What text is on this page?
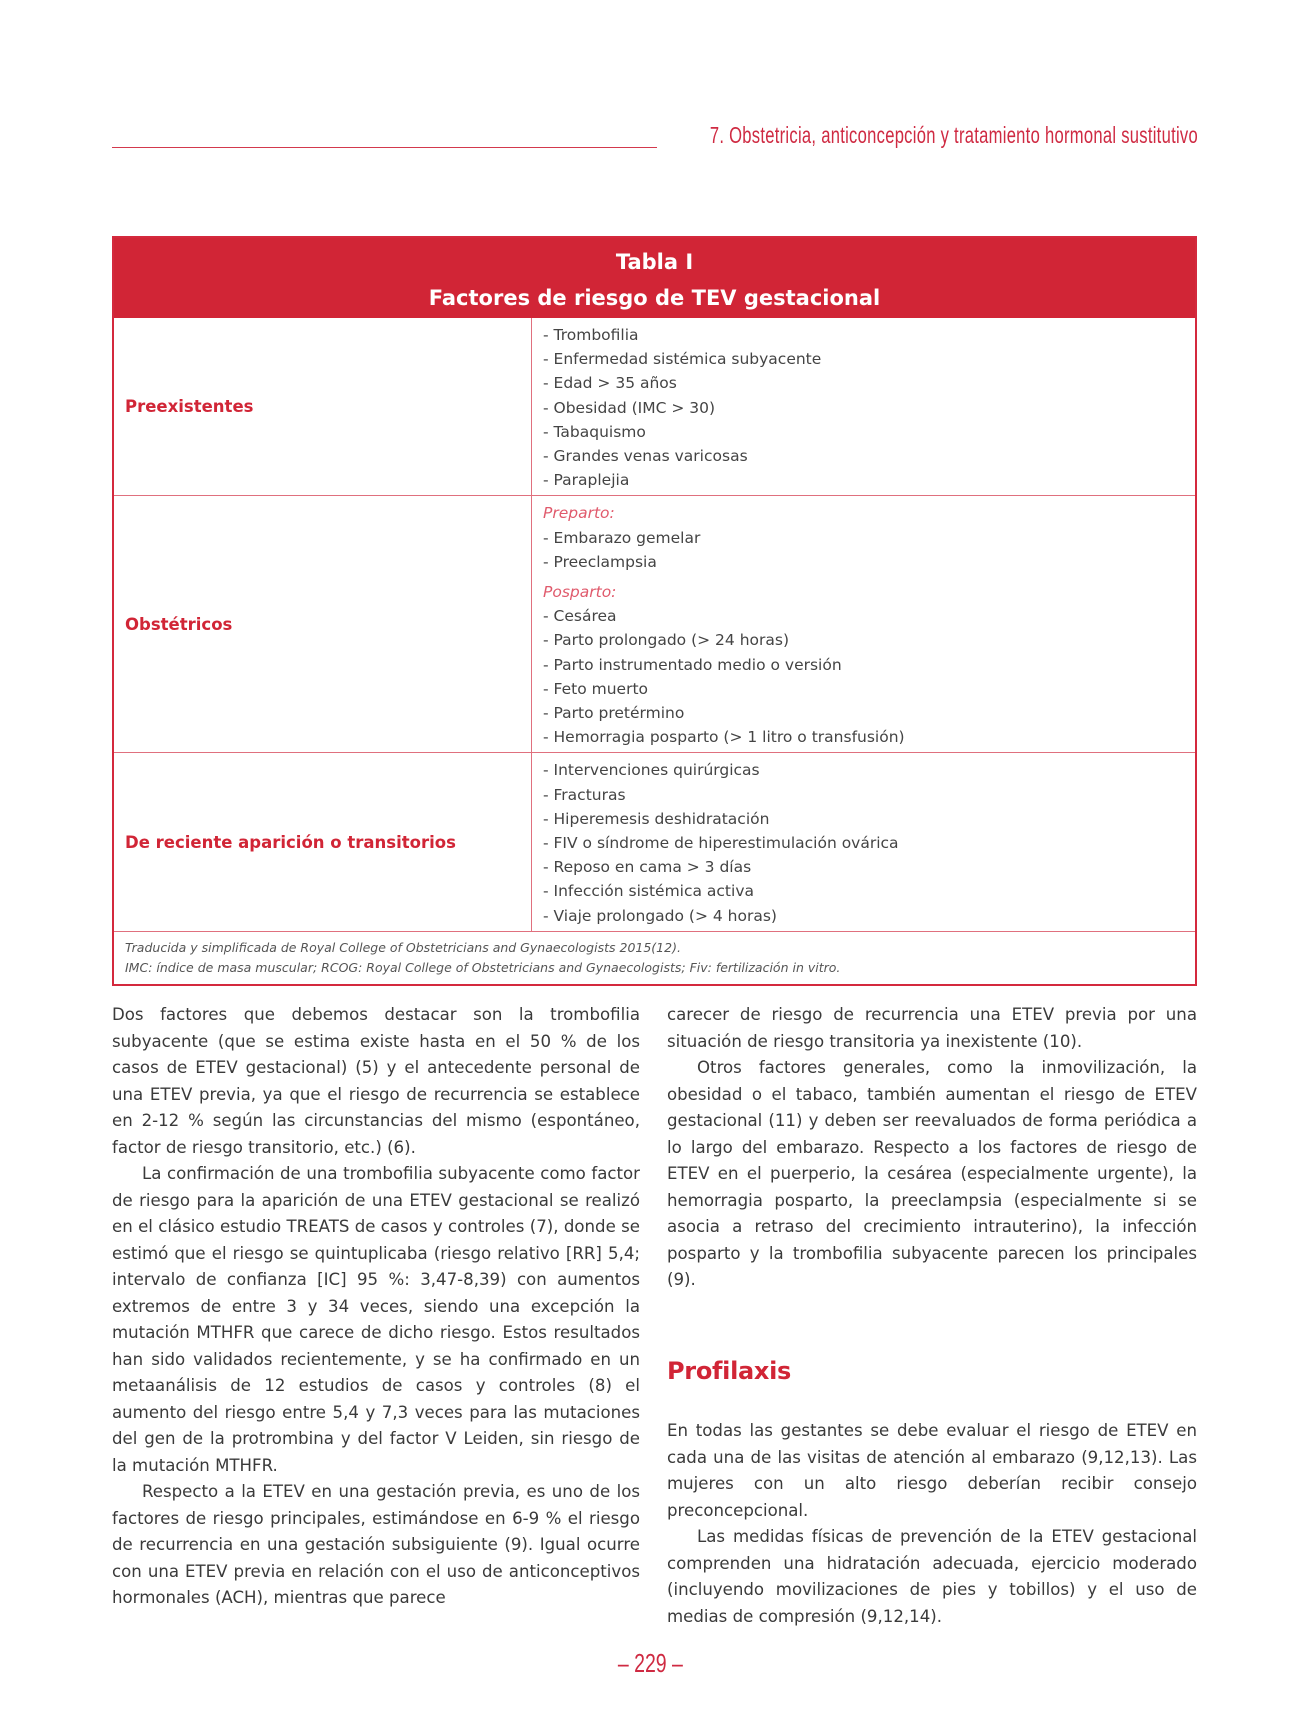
7. Obstetricia, anticoncepción y tratamiento hormonal sustitutivo
Tabla I
Factores de riesgo de TEV gestacional
Preexistentes
- Trombofilia
- Enfermedad sistémica subyacente
- Edad > 35 años
- Obesidad (IMC > 30)
- Tabaquismo
- Grandes venas varicosas
- Paraplejia
Obstétricos
Preparto:
- Embarazo gemelar
- Preeclampsia
Posparto:
- Cesárea
- Parto prolongado (> 24 horas)
- Parto instrumentado medio o versión
- Feto muerto
- Parto pretérmino
- Hemorragia posparto (> 1 litro o transfusión)
De reciente aparición o transitorios
- Intervenciones quirúrgicas
- Fracturas
- Hiperemesis deshidratación
- FIV o síndrome de hiperestimulación ovárica
- Reposo en cama > 3 días
- Infección sistémica activa
- Viaje prolongado (> 4 horas)
Traducida y simplificada de Royal College of Obstetricians and Gynaecologists 2015(12).
IMC: índice de masa muscular; RCOG: Royal College of Obstetricians and Gynaecologists; Fiv: fertilización in vitro.

Dos factores que debemos destacar son la trombofilia subyacente (que se estima existe hasta en el 50 % de los casos de ETEV gestacional) (5) y el antecedente personal de una ETEV previa, ya que el riesgo de recurrencia se establece en 2-12 % según las circunstancias del mismo (espontáneo, factor de riesgo transitorio, etc.) (6).

La confirmación de una trombofilia subyacente como factor de riesgo para la aparición de una ETEV gestacional se realizó en el clásico estudio TREATS de casos y controles (7), donde se estimó que el riesgo se quintuplicaba (riesgo relativo [RR] 5,4; intervalo de confianza [IC] 95 %: 3,47-8,39) con aumentos extremos de entre 3 y 34 veces, siendo una excepción la mutación MTHFR que carece de dicho riesgo. Estos resultados han sido validados recientemente, y se ha confirmado en un metaanálisis de 12 estudios de casos y controles (8) el aumento del riesgo entre 5,4 y 7,3 veces para las mutaciones del gen de la protrombina y del factor V Leiden, sin riesgo de la mutación MTHFR.

Respecto a la ETEV en una gestación previa, es uno de los factores de riesgo principales, estimándose en 6-9 % el riesgo de recurrencia en una gestación subsiguiente (9). Igual ocurre con una ETEV previa en relación con el uso de anticonceptivos hormonales (ACH), mientras que parece

carecer de riesgo de recurrencia una ETEV previa por una situación de riesgo transitoria ya inexistente (10).

Otros factores generales, como la inmovilización, la obesidad o el tabaco, también aumentan el riesgo de ETEV gestacional (11) y deben ser reevaluados de forma periódica a lo largo del embarazo. Respecto a los factores de riesgo de ETEV en el puerperio, la cesárea (especialmente urgente), la hemorragia posparto, la preeclampsia (especialmente si se asocia a retraso del crecimiento intrauterino), la infección posparto y la trombofilia subyacente parecen los principales (9).

Profilaxis

En todas las gestantes se debe evaluar el riesgo de ETEV en cada una de las visitas de atención al embarazo (9,12,13). Las mujeres con un alto riesgo deberían recibir consejo preconcepcional.

Las medidas físicas de prevención de la ETEV gestacional comprenden una hidratación adecuada, ejercicio moderado (incluyendo movilizaciones de pies y tobillos) y el uso de medias de compresión (9,12,14).

– 229 –
